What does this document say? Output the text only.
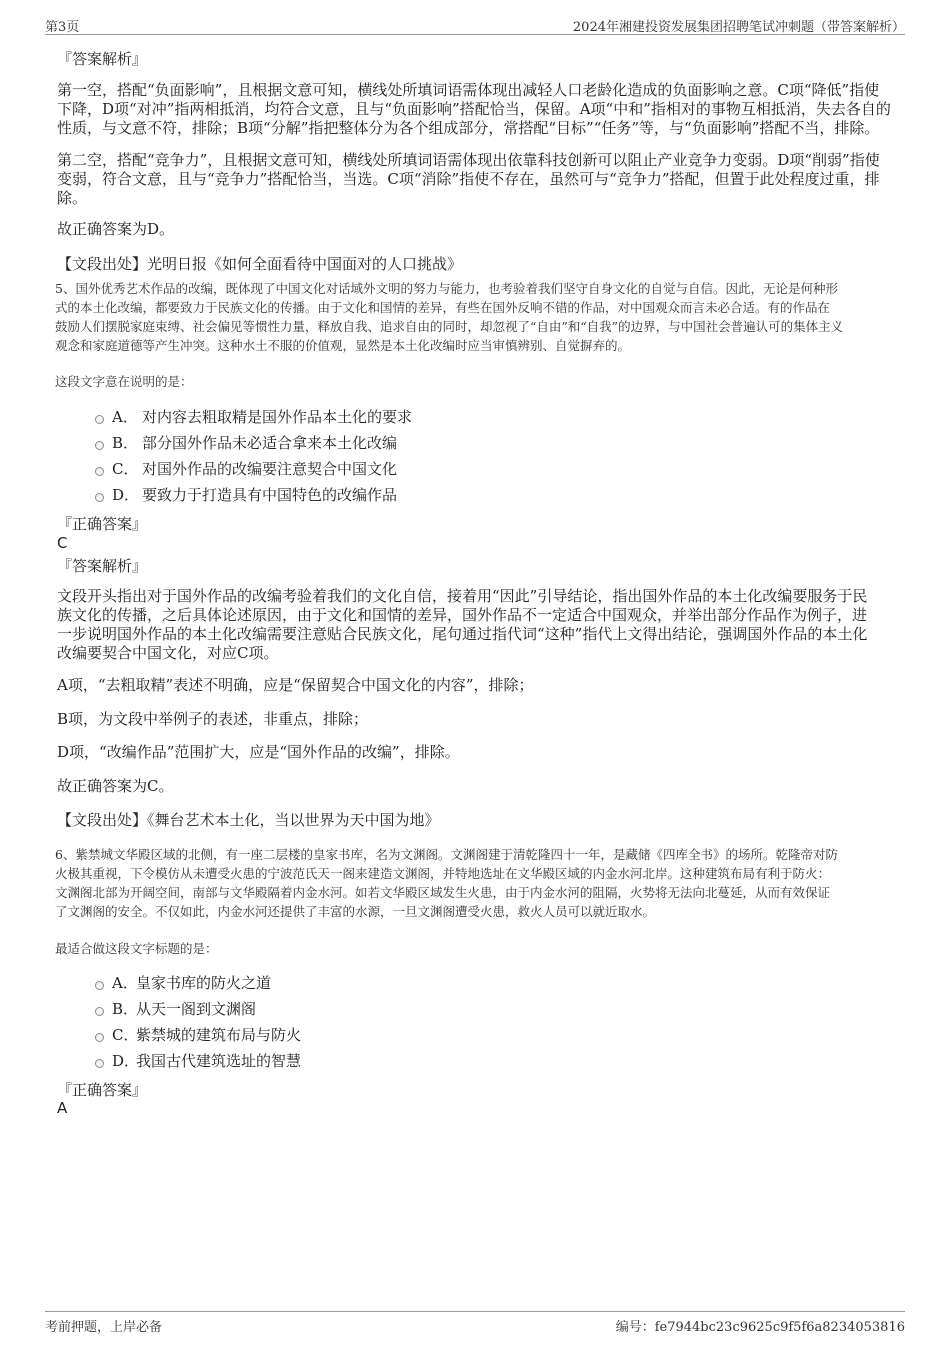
第3页	2024年湘建投资发展集团招聘笔试冲刺题（带答案解析）
『答案解析』
第一空，搭配“负面影响”，且根据文意可知，横线处所填词语需体现出减轻人口老龄化造成的负面影响之意。C项“降低”指使
下降，D项“对冲”指两相抵消，均符合文意，且与“负面影响”搭配恰当，保留。A项“中和”指相对的事物互相抵消，失去各自的
性质，与文意不符，排除；B项“分解”指把整体分为各个组成部分，常搭配“目标”“任务”等，与“负面影响”搭配不当，排除。
第二空，搭配“竞争力”，且根据文意可知，横线处所填词语需体现出依靠科技创新可以阻止产业竞争力变弱。D项“削弱”指使
变弱，符合文意，且与“竞争力”搭配恰当，当选。C项“消除”指使不存在，虽然可与“竞争力”搭配，但置于此处程度过重，排
除。
故正确答案为D。
【文段出处】光明日报《如何全面看待中国面对的人口挑战》
5、国外优秀艺术作品的改编，既体现了中国文化对话域外文明的努力与能力，也考验着我们坚守自身文化的自觉与自信。因此，无论是何种形
式的本土化改编，都要致力于民族文化的传播。由于文化和国情的差异，有些在国外反响不错的作品，对中国观众而言未必合适。有的作品在
鼓励人们摆脱家庭束缚、社会偏见等惯性力量，释放自我、追求自由的同时，却忽视了“自由”和“自我”的边界，与中国社会普遍认可的集体主义
观念和家庭道德等产生冲突。这种水土不服的价值观，显然是本土化改编时应当审慎辨别、自觉摒弃的。
这段文字意在说明的是：
A． 对内容去粗取精是国外作品本土化的要求
B． 部分国外作品未必适合拿来本土化改编
C． 对国外作品的改编要注意契合中国文化
D． 要致力于打造具有中国特色的改编作品
『正确答案』
C
『答案解析』
文段开头指出对于国外作品的改编考验着我们的文化自信，接着用“因此”引导结论，指出国外作品的本土化改编要服务于民
族文化的传播，之后具体论述原因，由于文化和国情的差异，国外作品不一定适合中国观众，并举出部分作品作为例子，进
一步说明国外作品的本土化改编需要注意贴合民族文化，尾句通过指代词“这种”指代上文得出结论，强调国外作品的本土化
改编要契合中国文化，对应C项。
A项，“去粗取精”表述不明确，应是“保留契合中国文化的内容”，排除；
B项，为文段中举例子的表述，非重点，排除；
D项，“改编作品”范围扩大，应是“国外作品的改编”，排除。
故正确答案为C。
【文段出处】《舞台艺术本土化，当以世界为天中国为地》
6、紫禁城文华殿区域的北侧，有一座二层楼的皇家书库，名为文渊阁。文渊阁建于清乾隆四十一年，是藏储《四库全书》的场所。乾隆帝对防
火极其重视，下令模仿从未遭受火患的宁波范氏天一阁来建造文渊阁，并特地选址在文华殿区域的内金水河北岸。这种建筑布局有利于防火：
文渊阁北部为开阔空间，南部与文华殿隔着内金水河。如若文华殿区域发生火患，由于内金水河的阻隔，火势将无法向北蔓延，从而有效保证
了文渊阁的安全。不仅如此，内金水河还提供了丰富的水源，一旦文渊阁遭受火患，救火人员可以就近取水。
最适合做这段文字标题的是：
A．
皇家书库的防火之道
B．
从天一阁到文渊阁
C．
紫禁城的建筑布局与防火
D．
我国古代建筑选址的智慧
『正确答案』
A
考前押题，上岸必备	编号：fe7944bc23c9625c9f5f6a8234053816
